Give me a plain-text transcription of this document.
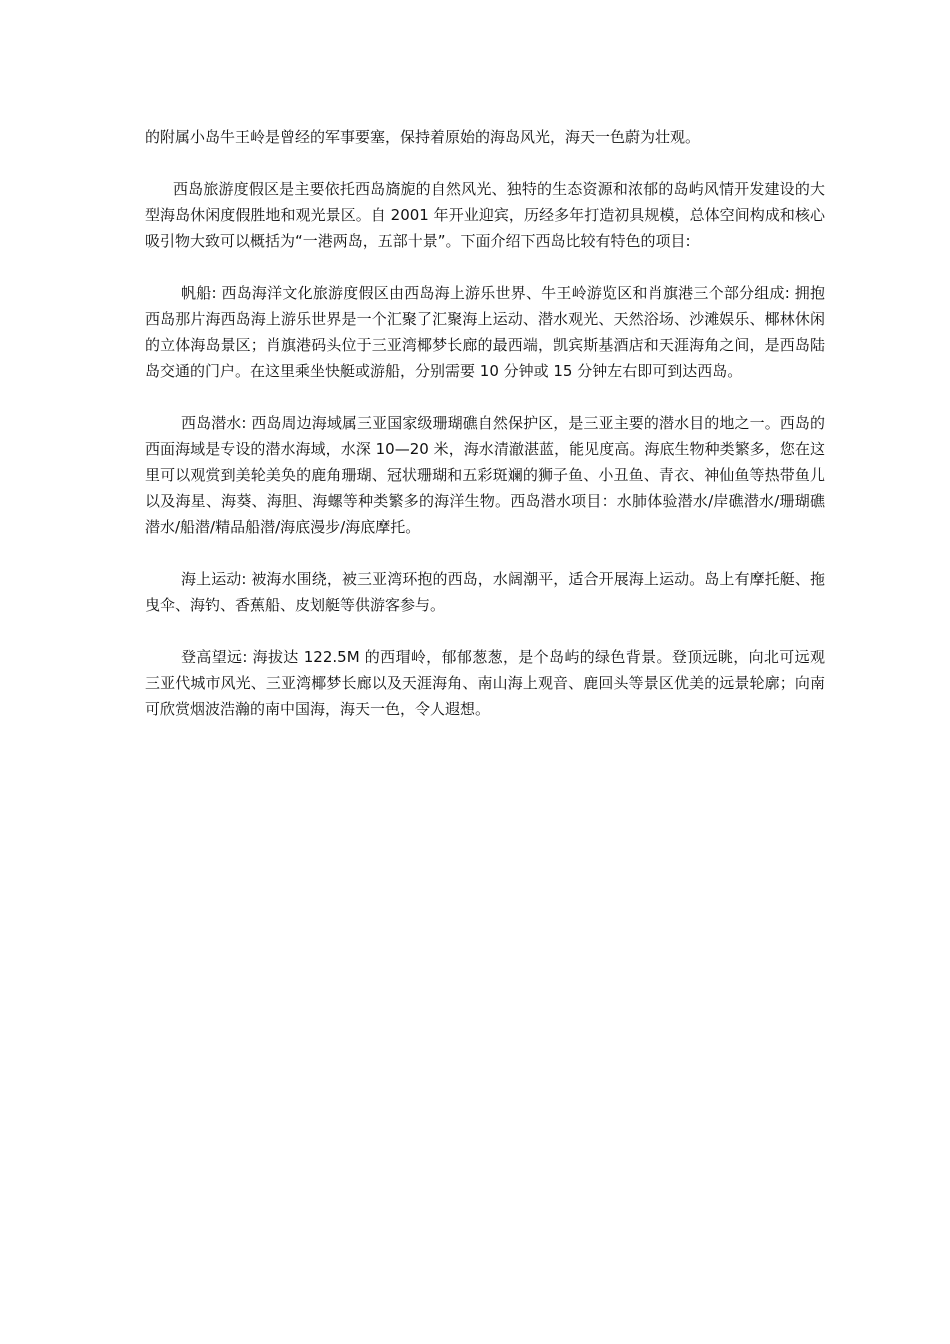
的附属小岛牛王岭是曾经的军事要塞，保持着原始的海岛风光，海天一色蔚为壮观。

西岛旅游度假区是主要依托西岛旖旎的自然风光、独特的生态资源和浓郁的岛屿风情开发建设的大型海岛休闲度假胜地和观光景区。自 2001 年开业迎宾，历经多年打造初具规模，总体空间构成和核心吸引物大致可以概括为“一港两岛，五部十景”。下面介绍下西岛比较有特色的项目:

帆船: 西岛海洋文化旅游度假区由西岛海上游乐世界、牛王岭游览区和肖旗港三个部分组成: 拥抱西岛那片海西岛海上游乐世界是一个汇聚了汇聚海上运动、潜水观光、天然浴场、沙滩娱乐、椰林休闲的立体海岛景区；肖旗港码头位于三亚湾椰梦长廊的最西端，凯宾斯基酒店和天涯海角之间，是西岛陆岛交通的门户。在这里乘坐快艇或游船，分别需要 10 分钟或 15 分钟左右即可到达西岛。

西岛潜水: 西岛周边海域属三亚国家级珊瑚礁自然保护区，是三亚主要的潜水目的地之一。西岛的西面海域是专设的潜水海域，水深 10—20 米，海水清澈湛蓝，能见度高。海底生物种类繁多，您在这里可以观赏到美轮美奂的鹿角珊瑚、冠状珊瑚和五彩斑斓的狮子鱼、小丑鱼、青衣、神仙鱼等热带鱼儿以及海星、海葵、海胆、海螺等种类繁多的海洋生物。西岛潜水项目：水肺体验潜水/岸礁潜水/珊瑚礁潜水/船潜/精品船潜/海底漫步/海底摩托。

海上运动: 被海水围绕，被三亚湾环抱的西岛，水阔潮平，适合开展海上运动。岛上有摩托艇、拖曳伞、海钓、香蕉船、皮划艇等供游客参与。

登高望远: 海拔达 122.5M 的西瑁岭，郁郁葱葱，是个岛屿的绿色背景。登顶远眺，向北可远观三亚代城市风光、三亚湾椰梦长廊以及天涯海角、南山海上观音、鹿回头等景区优美的远景轮廓；向南可欣赏烟波浩瀚的南中国海，海天一色，令人遐想。
